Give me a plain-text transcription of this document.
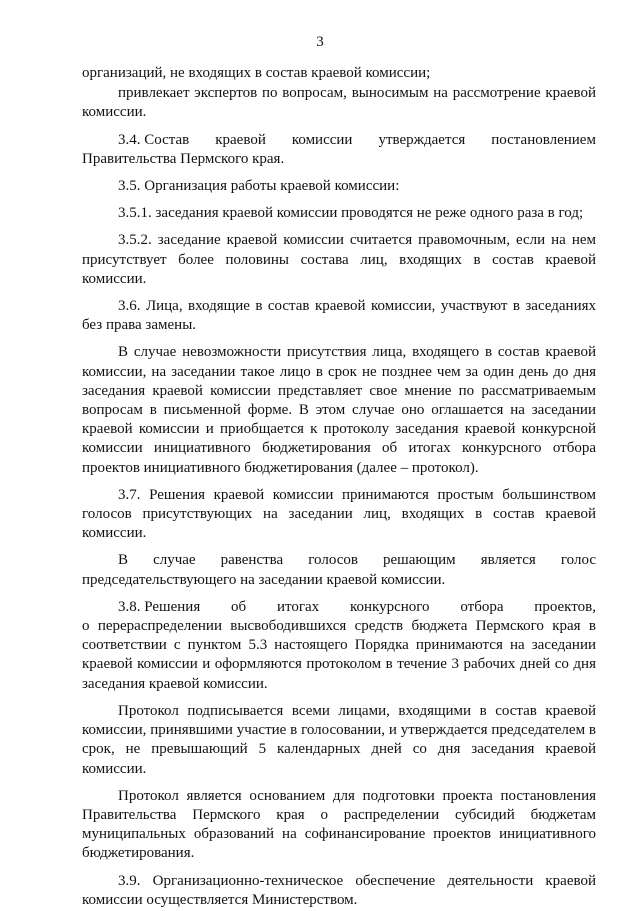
3

организаций, не входящих в состав краевой комиссии;

привлекает экспертов по вопросам, выносимым на рассмотрение краевой комиссии.

3.4. Состав краевой комиссии утверждается постановлением
Правительства Пермского края.

3.5. Организация работы краевой комиссии:

3.5.1. заседания краевой комиссии проводятся не реже одного раза в год;

3.5.2. заседание краевой комиссии считается правомочным, если на нем присутствует более половины состава лиц, входящих в состав краевой комиссии.

3.6. Лица, входящие в состав краевой комиссии, участвуют в заседаниях без права замены.

В случае невозможности присутствия лица, входящего в состав краевой комиссии, на заседании такое лицо в срок не позднее чем за один день до дня заседания краевой комиссии представляет свое мнение по рассматриваемым вопросам в письменной форме. В этом случае оно оглашается на заседании краевой комиссии и приобщается к протоколу заседания краевой конкурсной комиссии инициативного бюджетирования об итогах конкурсного отбора проектов инициативного бюджетирования (далее – протокол).

3.7. Решения краевой комиссии принимаются простым большинством голосов присутствующих на заседании лиц, входящих в состав краевой комиссии.

В случае равенства голосов решающим является голос
председательствующего на заседании краевой комиссии.
3.8. Решения об итогах конкурсного отбора проектов,
о перераспределении высвободившихся средств бюджета Пермского края в соответствии с пунктом 5.3 настоящего Порядка принимаются на заседании краевой комиссии и оформляются протоколом в течение 3 рабочих дней со дня заседания краевой комиссии.

Протокол подписывается всеми лицами, входящими в состав краевой комиссии, принявшими участие в голосовании, и утверждается председателем в срок, не превышающий 5 календарных дней со дня заседания краевой комиссии.

Протокол является основанием для подготовки проекта постановления Правительства Пермского края о распределении субсидий бюджетам муниципальных образований на софинансирование проектов инициативного бюджетирования.

3.9. Организационно-техническое обеспечение деятельности краевой комиссии осуществляется Министерством.
